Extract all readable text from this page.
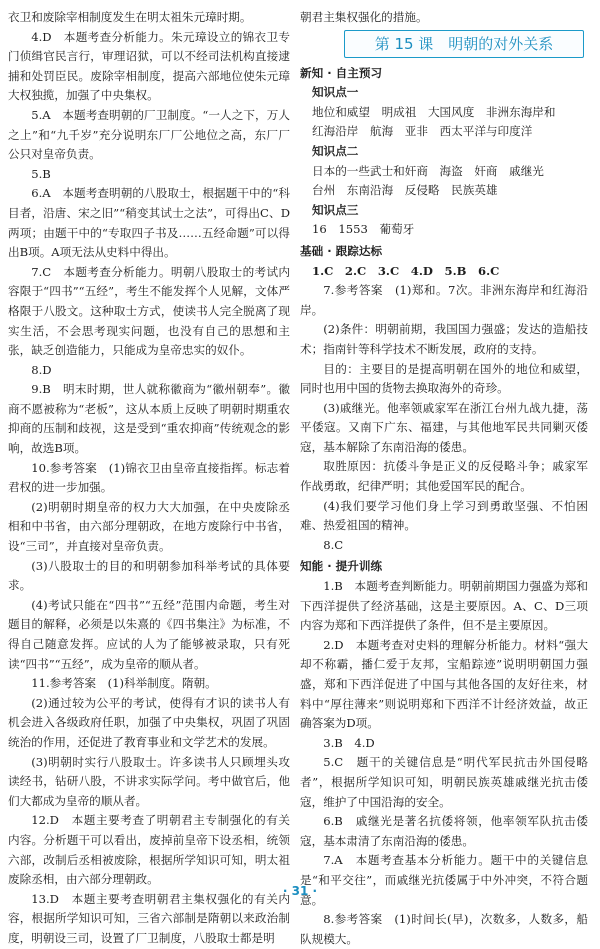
衣卫和废除宰相制度发生在明太祖朱元璋时期。

4.D　本题考查分析能力。朱元璋设立的锦衣卫专门侦缉官民言行，审理诏狱，可以不经司法机构直接逮捕和处罚臣民。废除宰相制度，提高六部地位使朱元璋大权独揽，加强了中央集权。

5.A　本题考查明朝的厂卫制度。“一人之下，万人之上”和“九千岁”充分说明东厂厂公地位之高，东厂厂公只对皇帝负责。

5.B

6.A　本题考查明朝的八股取士，根据题干中的“科目者，沿唐、宋之旧”“稍变其试士之法”，可得出C、D两项；由题干中的“专取四子书及……五经命题”可以得出B项。A项无法从史料中得出。

7.C　本题考查分析能力。明朝八股取士的考试内容限于“四书”“五经”，考生不能发挥个人见解，文体严格限于八股文。这种取士方式，使读书人完全脱离了现实生活，不会思考现实问题，也没有自己的思想和主张，缺乏创造能力，只能成为皇帝忠实的奴仆。

8.D

9.B　明末时期，世人就称徽商为“徽州朝奉”。徽商不愿被称为“老板”，这从本质上反映了明朝时期重农抑商的压制和歧视，这是受到“重农抑商”传统观念的影响，故选B项。

10.参考答案　(1)锦衣卫由皇帝直接指挥。标志着君权的进一步加强。

(2)明朝时期皇帝的权力大大加强，在中央废除丞相和中书省，由六部分理朝政，在地方废除行中书省，设“三司”，并直接对皇帝负责。

(3)八股取士的目的和明朝参加科举考试的具体要求。

(4)考试只能在“四书”“五经”范围内命题，考生对题目的解释，必须是以朱熹的《四书集注》为标准，不得自己随意发挥。应试的人为了能够被录取，只有死读“四书”“五经”，成为皇帝的顺从者。

11.参考答案　(1)科举制度。隋朝。

(2)通过较为公平的考试，使得有才识的读书人有机会进入各级政府任职，加强了中央集权，巩固了巩固统治的作用，还促进了教育事业和文学艺术的发展。

(3)明朝时实行八股取士。许多读书人只顾埋头攻读经书，钻研八股，不讲求实际学问。考中做官后，他们大都成为皇帝的顺从者。

12.D　本题主要考查了明朝君主专制强化的有关内容。分析题干可以看出，废掉前皇帝下设丞相，统领六部，改制后丞相被废除，根据所学知识可知，明太祖废除丞相，由六部分理朝政。

13.D　本题主要考查明朝君主集权强化的有关内容，根据所学知识可知，三省六部制是隋朝以来政治制度，明朝设三司，设置了厂卫制度，八股取士都是明

朝君主集权强化的措施。

第 15 课　明朝的对外关系
新知 · 自主预习
知识点一
地位和威望　明成祖　大国风度　非洲东海岸和
红海沿岸　航海　亚非　西太平洋与印度洋
知识点二
日本的一些武士和奸商　海盗　奸商　戚继光
台州　东南沿海　反侵略　民族英雄
知识点三
16　1553　葡萄牙
基础 · 跟踪达标
1.C　2.C　3.C　4.D　5.B　6.C

7.参考答案　(1)郑和。7次。非洲东海岸和红海沿岸。

(2)条件：明朝前期，我国国力强盛；发达的造船技术；指南针等科学技术不断发展，政府的支持。

目的：主要目的是提高明朝在国外的地位和威望，同时也用中国的货物去换取海外的奇珍。

(3)戚继光。他率领戚家军在浙江台州九战九捷，荡平倭寇。又南下广东、福建，与其他地军民共同剿灭倭寇，基本解除了东南沿海的倭患。

取胜原因：抗倭斗争是正义的反侵略斗争；戚家军作战勇敢，纪律严明；其他爱国军民的配合。

(4)我们要学习他们身上学习到勇敢坚强、不怕困难、热爱祖国的精神。

8.C

知能 · 提升训练

1.B　本题考查判断能力。明朝前期国力强盛为郑和下西洋提供了经济基础，这是主要原因。A、C、D三项内容为郑和下西洋提供了条件，但不是主要原因。

2.D　本题考查对史料的理解分析能力。材料“强大却不称霸，播仁爱于友邦，宝船踪迹”说明明朝国力强盛，郑和下西洋促进了中国与其他各国的友好往来，材料中“厚往薄来”则说明郑和下西洋不计经济效益，故正确答案为D项。

3.B　4.D

5.C　题干的关键信息是“明代军民抗击外国侵略者”，根据所学知识可知，明朝民族英雄戚继光抗击倭寇，维护了中国沿海的安全。

6.B　戚继光是著名抗倭将领，他率领军队抗击倭寇，基本肃清了东南沿海的倭患。

7.A　本题考查基本分析能力。题干中的关键信息是“和平交往”，而戚继光抗倭属于中外冲突，不符合题意。

8.参考答案　(1)时间长(早)，次数多，人数多，船队规模大。

· 31 ·
